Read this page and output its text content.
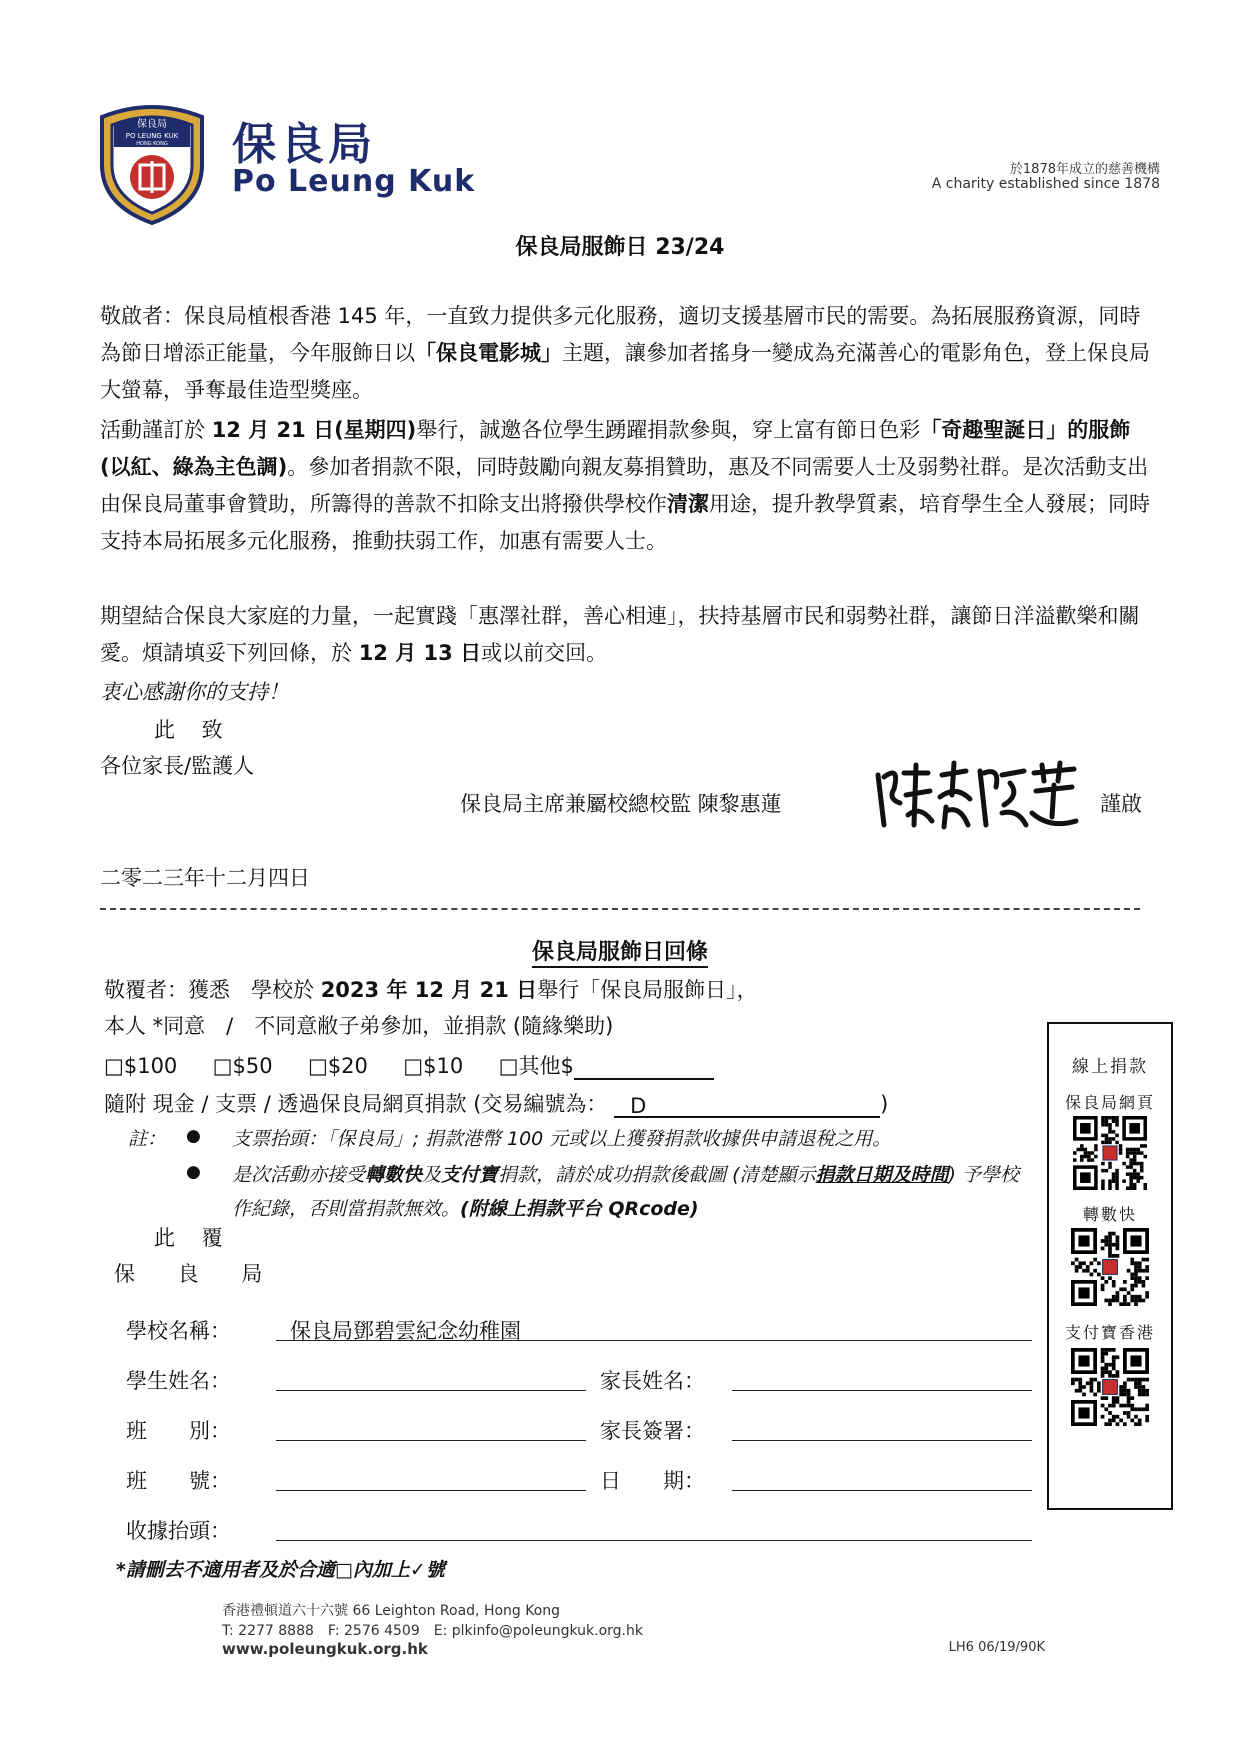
保良局
PO LEUNG KUK
HONG KONG 保良局
Po Leung Kuk	於1878年成立的慈善機構
A charity established since 1878
保良局服飾日 23/24
敬啟者：保良局植根香港 145 年，一直致力提供多元化服務，適切支援基層市民的需要。為拓展服務資源，同時為節日增添正能量，今年服飾日以「保良電影城」主題，讓參加者搖身一變成為充滿善心的電影角色，登上保良局大螢幕，爭奪最佳造型獎座。
活動謹訂於 12 月 21 日(星期四)舉行，誠邀各位學生踴躍捐款參與，穿上富有節日色彩「奇趣聖誕日」的服飾(以紅、綠為主色調)。參加者捐款不限，同時鼓勵向親友募捐贊助，惠及不同需要人士及弱勢社群。是次活動支出由保良局董事會贊助，所籌得的善款不扣除支出將撥供學校作清潔用途，提升教學質素，培育學生全人發展；同時支持本局拓展多元化服務，推動扶弱工作，加惠有需要人士。
期望結合保良大家庭的力量，一起實踐「惠澤社群，善心相連」，扶持基層市民和弱勢社群，讓節日洋溢歡樂和關愛。煩請填妥下列回條，於 12 月 13 日或以前交回。
衷心感謝你的支持！
此 致
各位家長/監護人
保良局主席兼屬校總校監 陳黎惠蓮	謹啟
二零二三年十二月四日
保良局服飾日回條
敬覆者：獲悉　學校於 2023 年 12 月 21 日舉行「保良局服飾日」，
本人 *同意　/　不同意敝子弟參加，並捐款 (隨緣樂助)
□$100 □$50 □$20 □$10 □其他$
隨附 現金 / 支票 / 透過保良局網頁捐款 (交易編號為： D	)
註： ● 支票抬頭：「保良局」; 捐款港幣 100 元或以上獲發捐款收據供申請退稅之用。
● 是次活動亦接受轉數快及支付寶捐款，請於成功捐款後截圖 (清楚顯示捐款日期及時間) 予學校作紀錄，否則當捐款無效。(附線上捐款平台 QRcode)
此 覆
保 良 局
學校名稱：	保良局鄧碧雲紀念幼稚園
學生姓名：	家長姓名：
班　　別：	家長簽署：
班　　號：	日　　期：
收據抬頭：
*請刪去不適用者及於合適□內加上✓號
線上捐款
保良局網頁
轉數快
支付寶香港
香港禮頓道六十六號 66 Leighton Road, Hong Kong
T: 2277 8888　F: 2576 4509　E: plkinfo@poleungkuk.org.hk
www.poleungkuk.org.hk	LH6 06/19/90K
